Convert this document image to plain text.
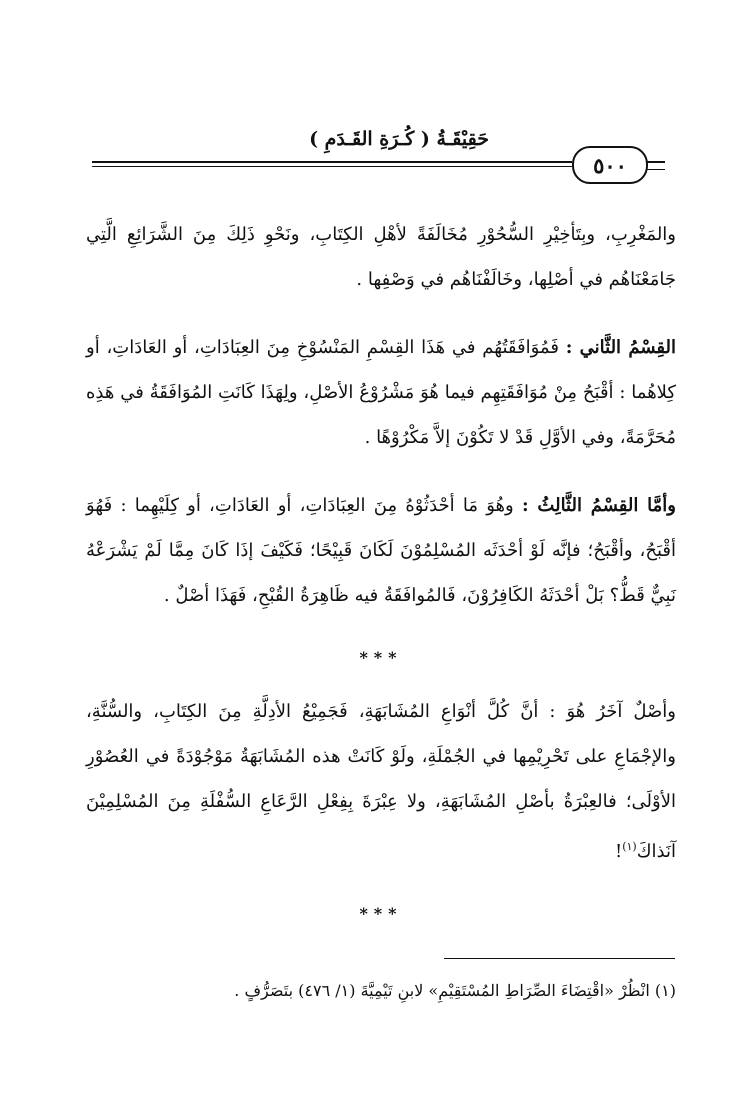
حَقِيْقَـةُ ( كُـرَةِ القَـدَمِ )
٥٠٠

والمَغْرِبِ، وبِتَأخِيْرِ السُّحُوْرِ مُخَالَفَةً لأهْلِ الكِتَابِ، ونَحْوِ ذَلِكَ مِنَ الشَّرَائِعِ الَّتِي جَامَعْنَاهُم في أصْلِها، وخَالَفْنَاهُم في وَصْفِها .

القِسْمُ الثَّاني : فَمُوَافَقَتُهُم في هَذَا القِسْمِ المَنْسُوْخِ مِنَ العِبَادَاتِ، أو العَادَاتِ، أو كِلاهُما : أقْبَحُ مِنْ مُوَافَقَتِهِم فيما هُوَ مَشْرُوْعُ الأصْلِ، ولِهَذَا كَانَتِ المُوَافَقَةُ في هَذِه مُحَرَّمَةً، وفي الأوَّلِ قَدْ لا تَكُوْنَ إلاَّ مَكْرُوْهًا .

وأمَّا القِسْمُ الثَّالِثُ : وهُوَ مَا أحْدَثُوْهُ مِنَ العِبَادَاتِ، أو العَادَاتِ، أو كِلَيْهِما : فَهُوَ أقْبَحُ، وأقْبَحُ؛ فإنَّه لَوْ أحْدَثَه المُسْلِمُوْنَ لَكَانَ قَبِيْحًا؛ فَكَيْفَ إذَا كَانَ مِمَّا لَمْ يَشْرَعْهُ نَبِيٌّ قَطُّ؟ بَلْ أحْدَثَهُ الكَافِرُوْنَ، فَالمُوافَقَةُ فيه ظَاهِرَةُ القُبْحِ، فَهَذَا أصْلٌ .

***

وأصْلٌ آخَرُ هُوَ : أنَّ كُلَّ أنْوَاعِ المُشَابَهَةِ، فَجَمِيْعُ الأدِلَّةِ مِنَ الكِتَابِ، والسُّنَّةِ، والإجْمَاعِ على تَحْرِيْمِها في الجُمْلَةِ، ولَوْ كَانَتْ هذه المُشَابَهَةُ مَوْجُوْدَةً في العُصُوْرِ الأوْلَى؛ فالعِبْرَةُ بأصْلِ المُشَابَهَةِ، ولا عِبْرَةَ بِفِعْلِ الرَّعَاعِ السُّفْلَةِ مِنَ المُسْلِمِيْنَ آنَذاكَ$^{(١)}$!

***
(١) انْظُرْ «اقْتِضَاءَ الصِّرَاطِ المُسْتَقِيْمِ» لابنِ تَيْمِيَّةَ (١/ ٤٧٦) بتَصَرُّفٍ .
